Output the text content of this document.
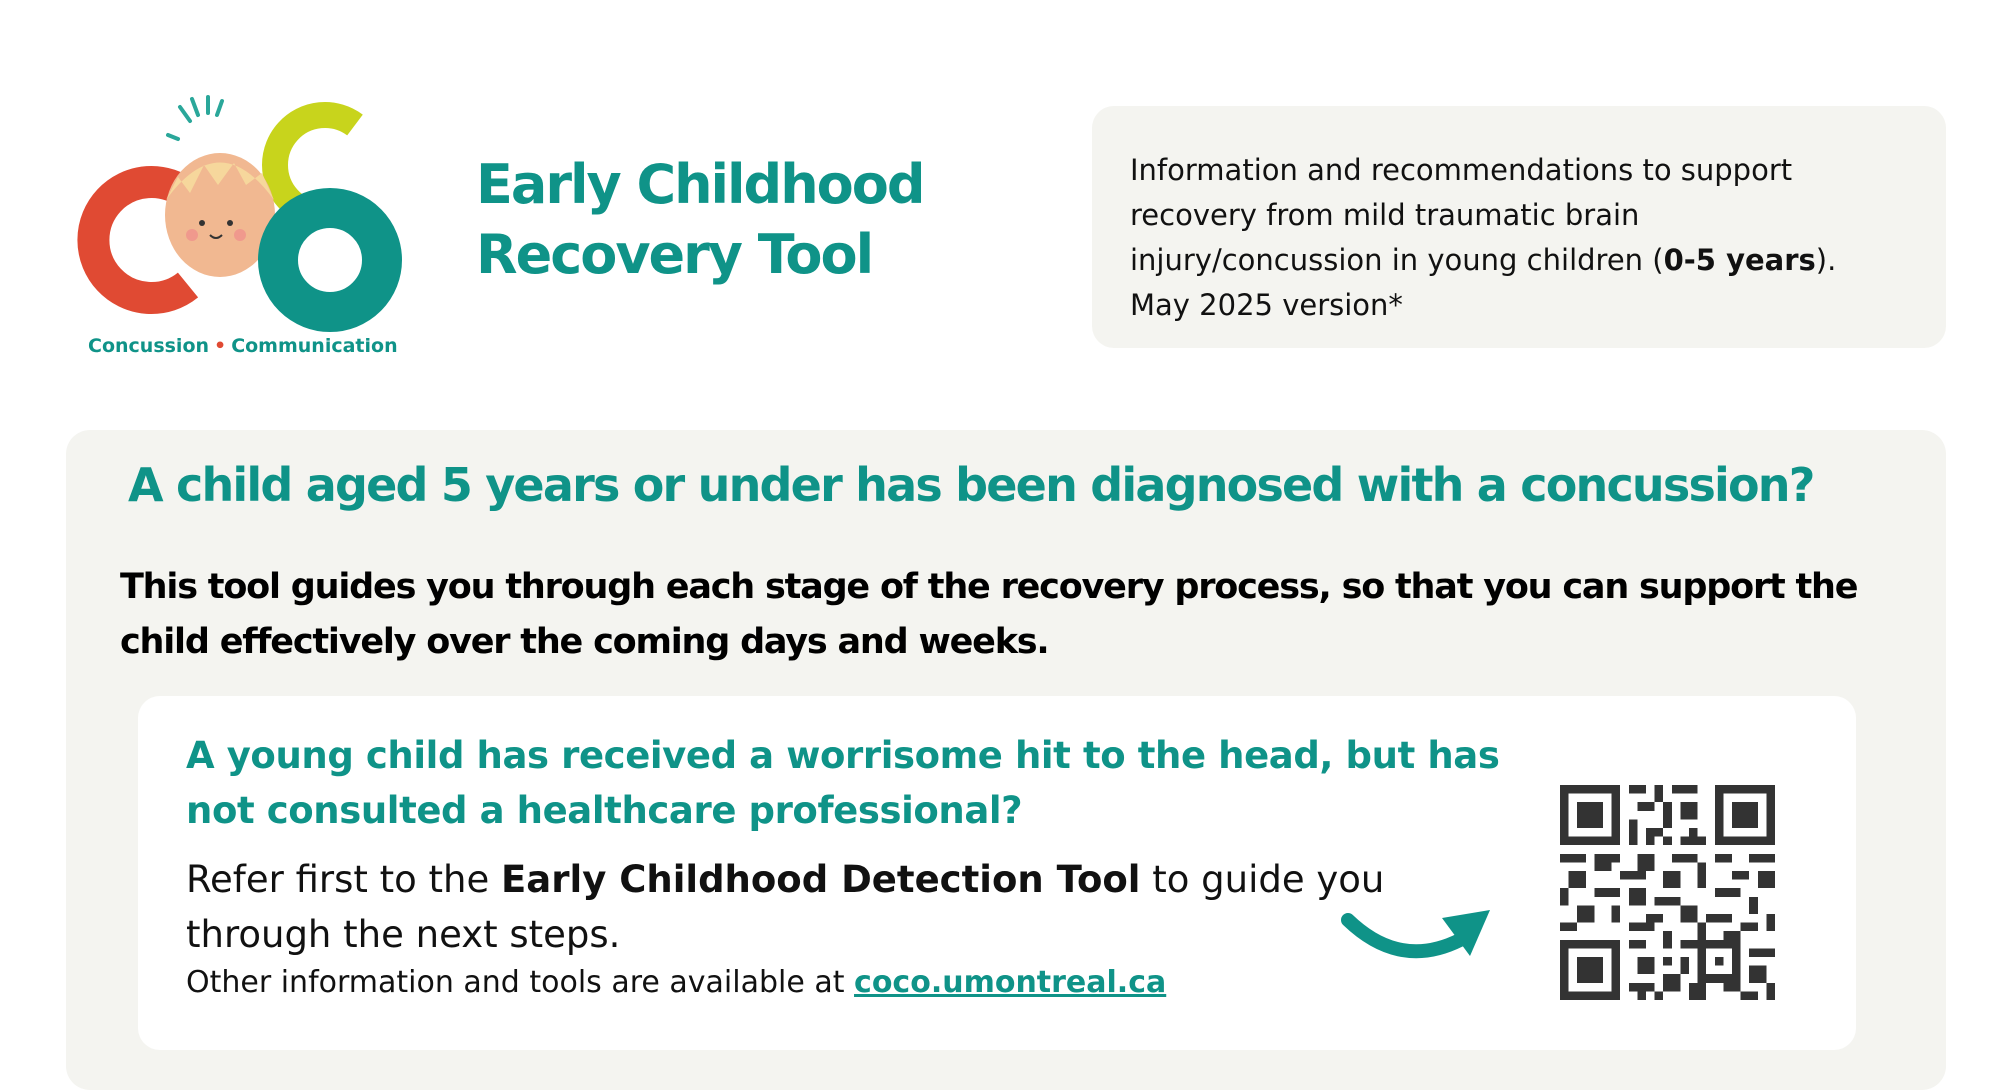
Concussion • Communication
Early Childhood
Recovery Tool
Information and recommendations to support
recovery from mild traumatic brain
injury/concussion in young children (0-5 years).
May 2025 version*
A child aged 5 years or under has been diagnosed with a concussion?
This tool guides you through each stage of the recovery process, so that you can support the child effectively over the coming days and weeks.
A young child has received a worrisome hit to the head, but has not consulted a healthcare professional?
Refer first to the Early Childhood Detection Tool to guide you through the next steps.
Other information and tools are available at coco.umontreal.ca
